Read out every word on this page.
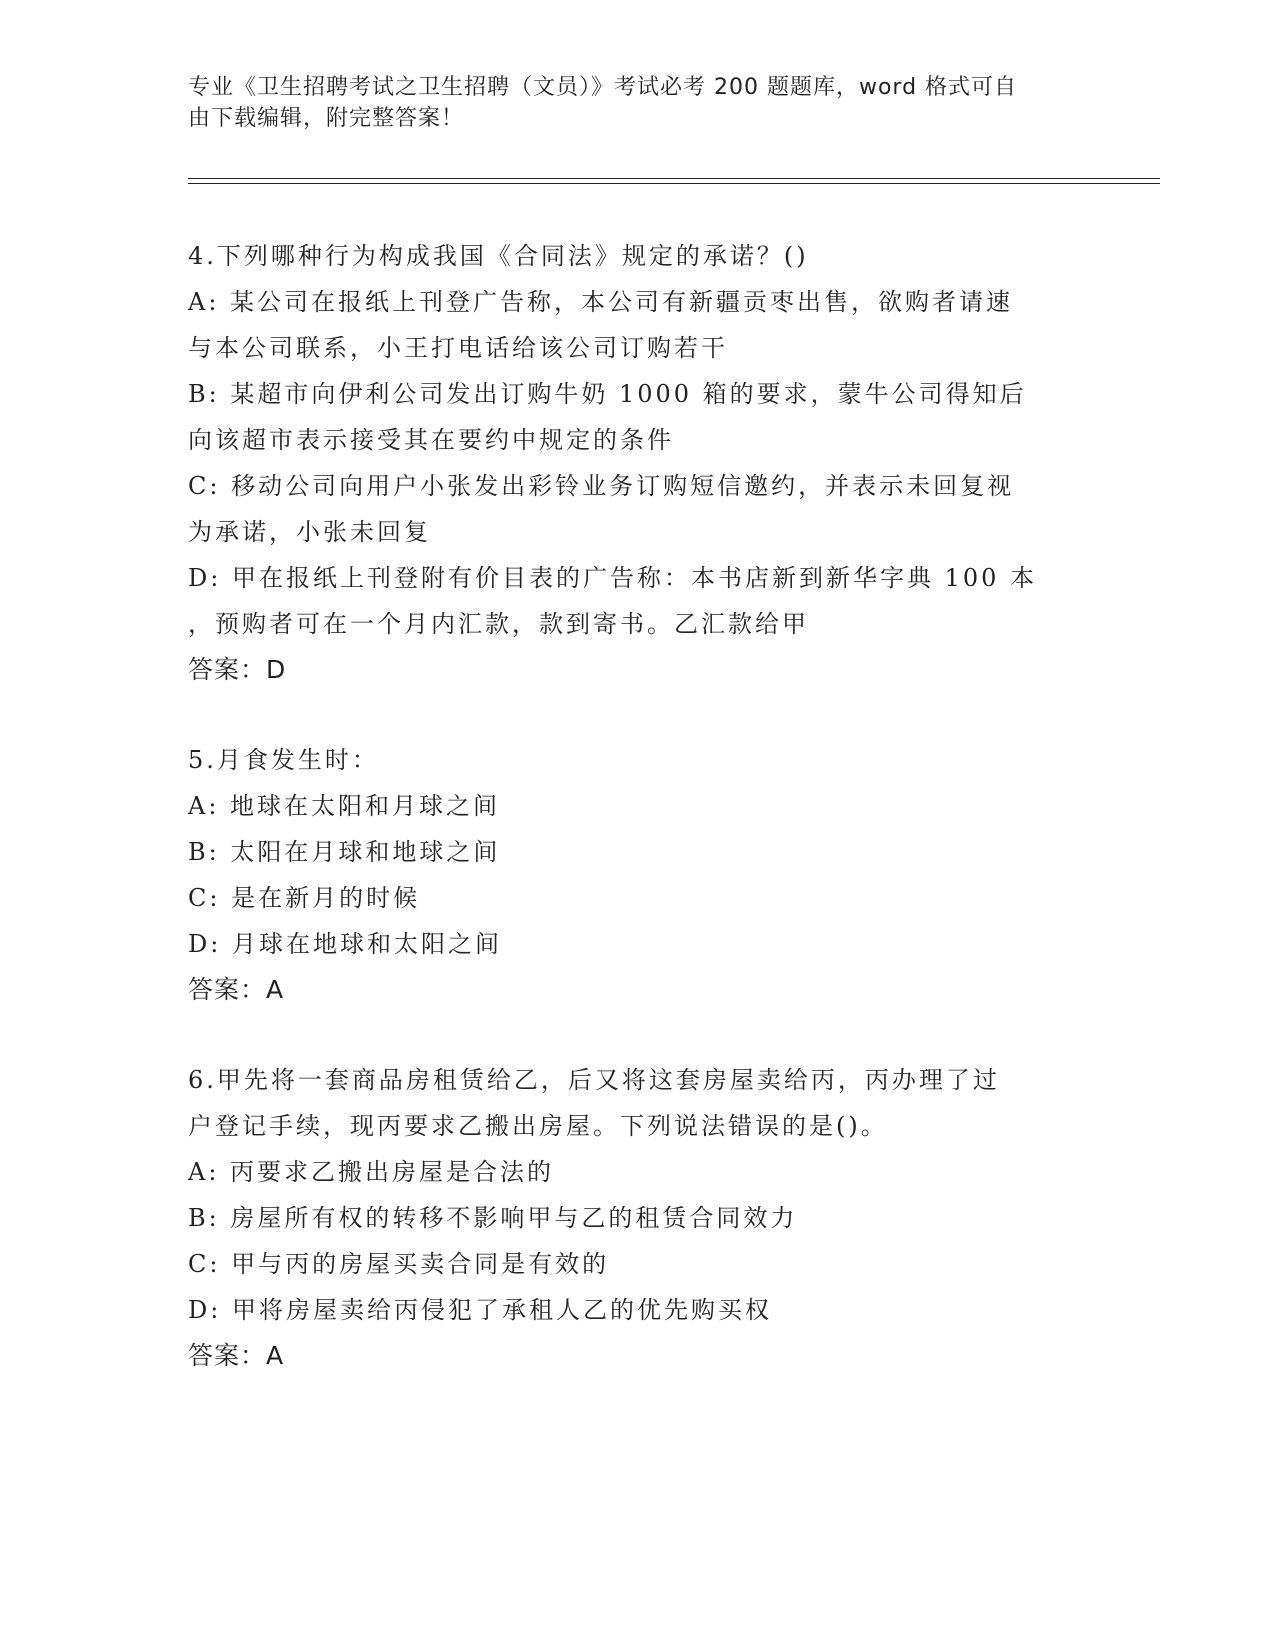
专业《卫生招聘考试之卫生招聘（文员）》考试必考 200 题题库，word 格式可自
由下载编辑，附完整答案！
4.下列哪种行为构成我国《合同法》规定的承诺？()
A: 某公司在报纸上刊登广告称，本公司有新疆贡枣出售，欲购者请速
与本公司联系，小王打电话给该公司订购若干
B: 某超市向伊利公司发出订购牛奶 1000 箱的要求，蒙牛公司得知后
向该超市表示接受其在要约中规定的条件
C: 移动公司向用户小张发出彩铃业务订购短信邀约，并表示未回复视
为承诺，小张未回复
D: 甲在报纸上刊登附有价目表的广告称：本书店新到新华字典 100 本
，预购者可在一个月内汇款，款到寄书。乙汇款给甲
答案：D
5.月食发生时：
A: 地球在太阳和月球之间
B: 太阳在月球和地球之间
C: 是在新月的时候
D: 月球在地球和太阳之间
答案：A
6.甲先将一套商品房租赁给乙，后又将这套房屋卖给丙，丙办理了过
户登记手续，现丙要求乙搬出房屋。下列说法错误的是()。
A: 丙要求乙搬出房屋是合法的
B: 房屋所有权的转移不影响甲与乙的租赁合同效力
C: 甲与丙的房屋买卖合同是有效的
D: 甲将房屋卖给丙侵犯了承租人乙的优先购买权
答案：A
